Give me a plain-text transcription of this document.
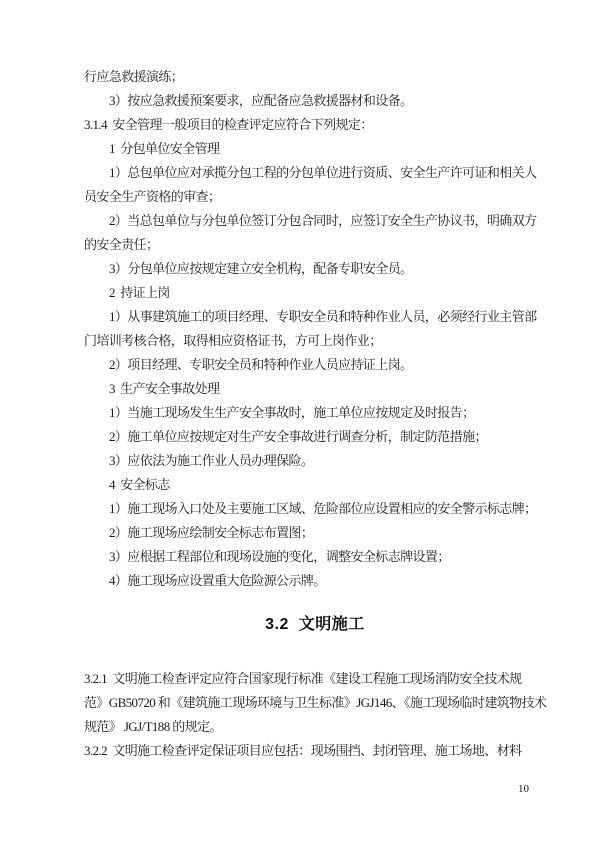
行应急救援演练；
3）按应急救援预案要求，应配备应急救援器材和设备。
3.1.4  安全管理一般项目的检查评定应符合下列规定：
1  分包单位安全管理
1）总包单位应对承揽分包工程的分包单位进行资质、安全生产许可证和相关人
员安全生产资格的审查；
2）当总包单位与分包单位签订分包合同时，应签订安全生产协议书，明确双方
的安全责任；
3）分包单位应按规定建立安全机构，配备专职安全员。
2  持证上岗
1）从事建筑施工的项目经理、专职安全员和特种作业人员，必须经行业主管部
门培训考核合格，取得相应资格证书，方可上岗作业；
2）项目经理、专职安全员和特种作业人员应持证上岗。
3  生产安全事故处理
1）当施工现场发生生产安全事故时，施工单位应按规定及时报告；
2）施工单位应按规定对生产安全事故进行调查分析，制定防范措施；
3）应依法为施工作业人员办理保险。
4  安全标志
1）施工现场入口处及主要施工区域、危险部位应设置相应的安全警示标志牌；
2）施工现场应绘制安全标志布置图；
3）应根据工程部位和现场设施的变化，调整安全标志牌设置；
4）施工现场应设置重大危险源公示牌。
3.2  文明施工
3.2.1  文明施工检查评定应符合国家现行标准《建设工程施工现场消防安全技术规
范》GB50720 和《建筑施工现场环境与卫生标准》JGJ146、《施工现场临时建筑物技术
规范》 JGJ/T188 的规定。
3.2.2  文明施工检查评定保证项目应包括：现场围挡、封闭管理、施工场地、材料
10
